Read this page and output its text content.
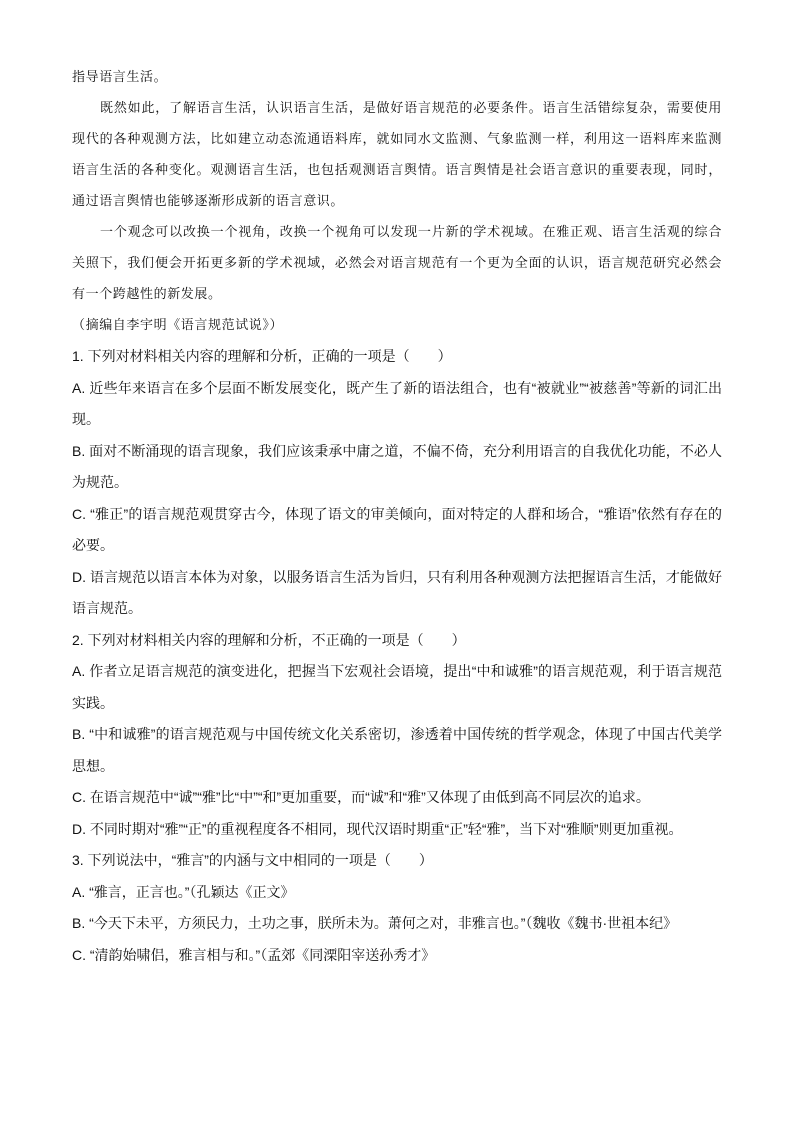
指导语言生活。

既然如此，了解语言生活，认识语言生活，是做好语言规范的必要条件。语言生活错综复杂，需要使用现代的各种观测方法，比如建立动态流通语料库，就如同水文监测、气象监测一样，利用这一语料库来监测语言生活的各种变化。观测语言生活，也包括观测语言舆情。语言舆情是社会语言意识的重要表现，同时，通过语言舆情也能够逐渐形成新的语言意识。

一个观念可以改换一个视角，改换一个视角可以发现一片新的学术视域。在雅正观、语言生活观的综合关照下，我们便会开拓更多新的学术视域，必然会对语言规范有一个更为全面的认识，语言规范研究必然会有一个跨越性的新发展。

（摘编自李宇明《语言规范试说》）

1. 下列对材料相关内容的理解和分析，正确的一项是（　　）

A. 近些年来语言在多个层面不断发展变化，既产生了新的语法组合，也有“被就业”“被慈善”等新的词汇出现。

B. 面对不断涌现的语言现象，我们应该秉承中庸之道，不偏不倚，充分利用语言的自我优化功能，不必人为规范。

C. “雅正”的语言规范观贯穿古今，体现了语文的审美倾向，面对特定的人群和场合，“雅语”依然有存在的必要。

D. 语言规范以语言本体为对象，以服务语言生活为旨归，只有利用各种观测方法把握语言生活，才能做好语言规范。

2. 下列对材料相关内容的理解和分析，不正确的一项是（　　）

A. 作者立足语言规范的演变进化，把握当下宏观社会语境，提出“中和诚雅”的语言规范观，利于语言规范实践。

B. “中和诚雅”的语言规范观与中国传统文化关系密切，渗透着中国传统的哲学观念，体现了中国古代美学思想。

C. 在语言规范中“诚”“雅”比“中”“和”更加重要，而“诚”和“雅”又体现了由低到高不同层次的追求。

D. 不同时期对“雅”“正”的重视程度各不相同，现代汉语时期重“正”轻“雅”，当下对“雅顺”则更加重视。

3. 下列说法中，“雅言”的内涵与文中相同的一项是（　　）

A. “雅言，正言也。”（孔颖达《正文》

B. “今天下未平，方须民力，土功之事，朕所未为。萧何之对，非雅言也。”（魏收《魏书·世祖本纪》

C. “清韵始啸侣，雅言相与和。”（孟郊《同溧阳宰送孙秀才》
